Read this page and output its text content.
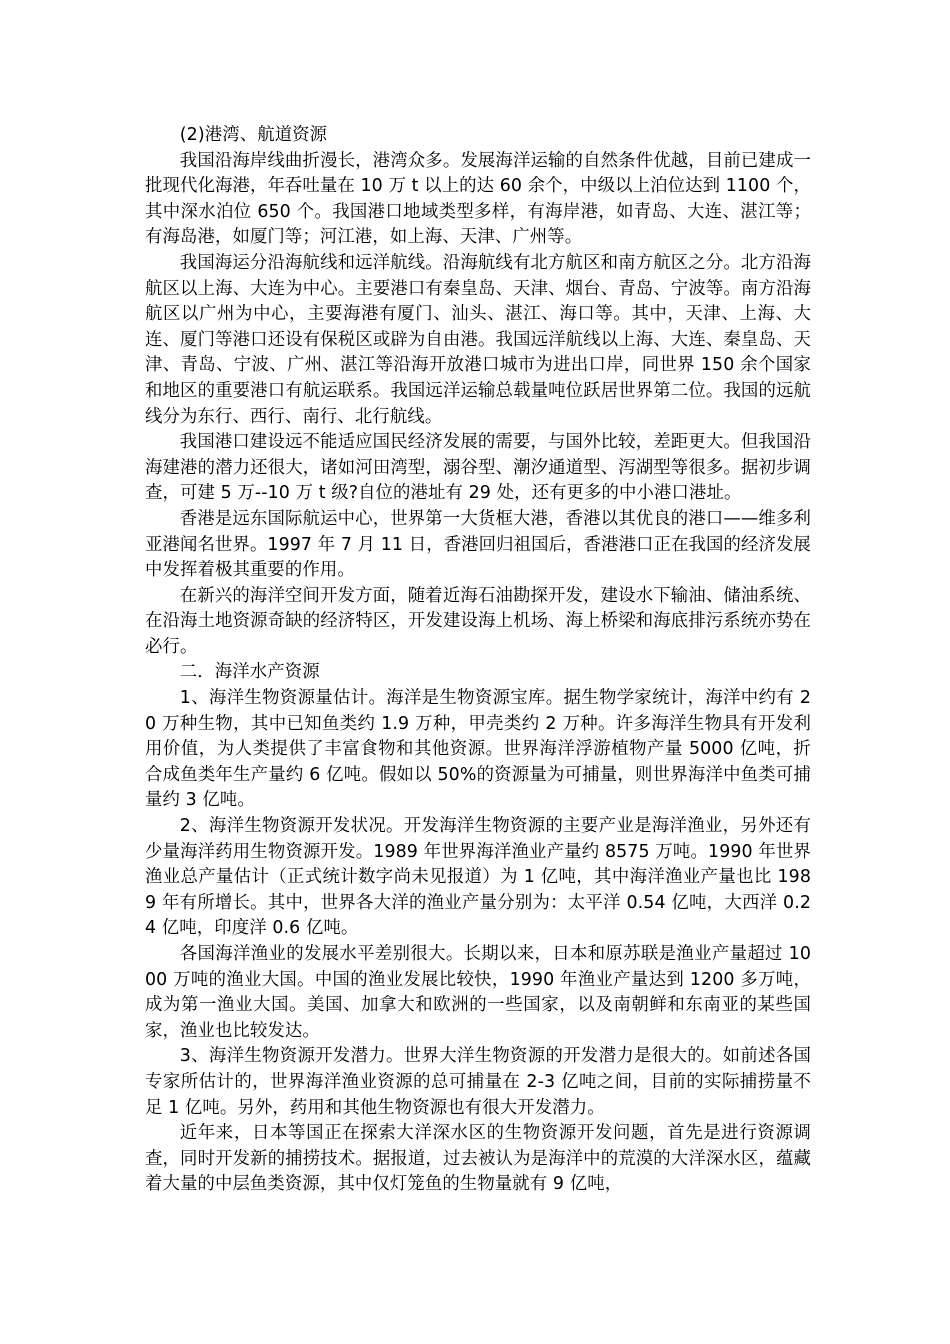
(2)港湾、航道资源

我国沿海岸线曲折漫长，港湾众多。发展海洋运输的自然条件优越，目前已建成一批现代化海港，年吞吐量在 10 万 t 以上的达 60 余个，中级以上泊位达到 1100 个，其中深水泊位 650 个。我国港口地域类型多样，有海岸港，如青岛、大连、湛江等；有海岛港，如厦门等；河江港，如上海、天津、广州等。

我国海运分沿海航线和远洋航线。沿海航线有北方航区和南方航区之分。北方沿海航区以上海、大连为中心。主要港口有秦皇岛、天津、烟台、青岛、宁波等。南方沿海航区以广州为中心，主要海港有厦门、汕头、湛江、海口等。其中，天津、上海、大连、厦门等港口还设有保税区或辟为自由港。我国远洋航线以上海、大连、秦皇岛、天津、青岛、宁波、广州、湛江等沿海开放港口城市为进出口岸，同世界 150 余个国家和地区的重要港口有航运联系。我国远洋运输总载量吨位跃居世界第二位。我国的远航线分为东行、西行、南行、北行航线。

我国港口建设远不能适应国民经济发展的需要，与国外比较，差距更大。但我国沿海建港的潜力还很大，诸如河田湾型，溺谷型、潮汐通道型、泻湖型等很多。据初步调查，可建 5 万--10 万 t 级?自位的港址有 29 处，还有更多的中小港口港址。

香港是远东国际航运中心，世界第一大货框大港，香港以其优良的港口——维多利亚港闻名世界。1997 年 7 月 11 日，香港回归祖国后，香港港口正在我国的经济发展中发挥着极其重要的作用。

在新兴的海洋空间开发方面，随着近海石油勘探开发，建设水下输油、储油系统、在沿海土地资源奇缺的经济特区，开发建设海上机场、海上桥梁和海底排污系统亦势在必行。

二．海洋水产资源

1、海洋生物资源量估计。海洋是生物资源宝库。据生物学家统计，海洋中约有 20 万种生物，其中已知鱼类约 1.9 万种，甲壳类约 2 万种。许多海洋生物具有开发利用价值，为人类提供了丰富食物和其他资源。世界海洋浮游植物产量 5000 亿吨，折合成鱼类年生产量约 6 亿吨。假如以 50%的资源量为可捕量，则世界海洋中鱼类可捕量约 3 亿吨。

2、海洋生物资源开发状况。开发海洋生物资源的主要产业是海洋渔业，另外还有少量海洋药用生物资源开发。1989 年世界海洋渔业产量约 8575 万吨。1990 年世界渔业总产量估计（正式统计数字尚未见报道）为 1 亿吨，其中海洋渔业产量也比 1989 年有所增长。其中，世界各大洋的渔业产量分别为：太平洋 0.54 亿吨，大西洋 0.24 亿吨，印度洋 0.6 亿吨。

各国海洋渔业的发展水平差别很大。长期以来，日本和原苏联是渔业产量超过 1000 万吨的渔业大国。中国的渔业发展比较快，1990 年渔业产量达到 1200 多万吨，成为第一渔业大国。美国、加拿大和欧洲的一些国家，以及南朝鲜和东南亚的某些国家，渔业也比较发达。

3、海洋生物资源开发潜力。世界大洋生物资源的开发潜力是很大的。如前述各国专家所估计的，世界海洋渔业资源的总可捕量在 2-3 亿吨之间，目前的实际捕捞量不足 1 亿吨。另外，药用和其他生物资源也有很大开发潜力。

近年来，日本等国正在探索大洋深水区的生物资源开发问题，首先是进行资源调查，同时开发新的捕捞技术。据报道，过去被认为是海洋中的荒漠的大洋深水区，蕴藏着大量的中层鱼类资源，其中仅灯笼鱼的生物量就有 9 亿吨，
